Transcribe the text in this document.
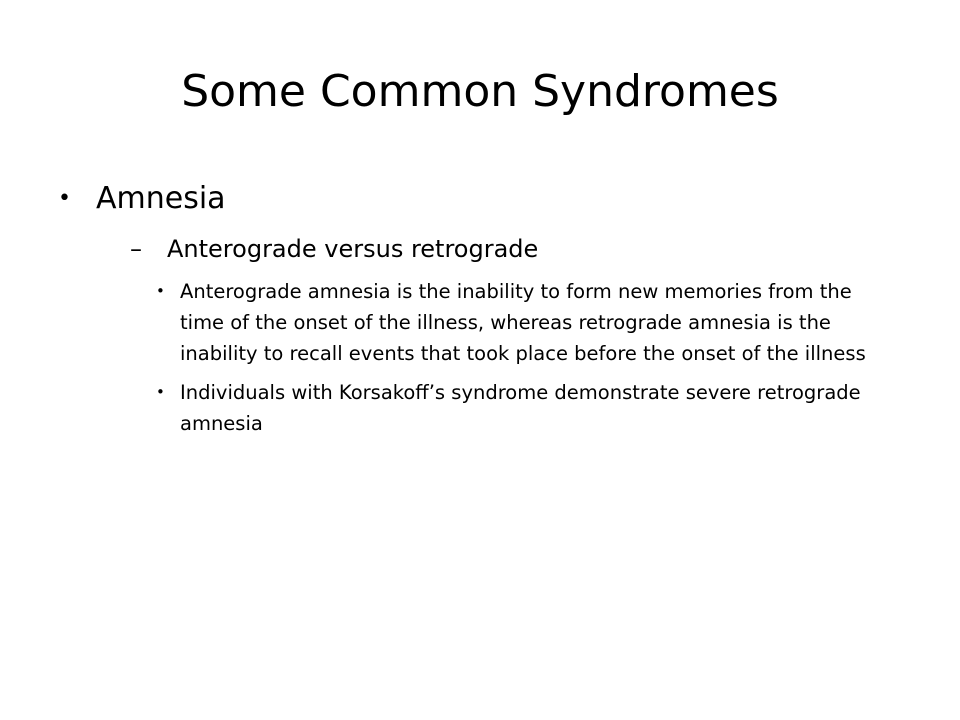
Some Common Syndromes
• Amnesia
– Anterograde versus retrograde
• Anterograde amnesia is the inability to form new memories from the time of the onset of the illness, whereas retrograde amnesia is the inability to recall events that took place before the onset of the illness
• Individuals with Korsakoff’s syndrome demonstrate severe retrograde amnesia
